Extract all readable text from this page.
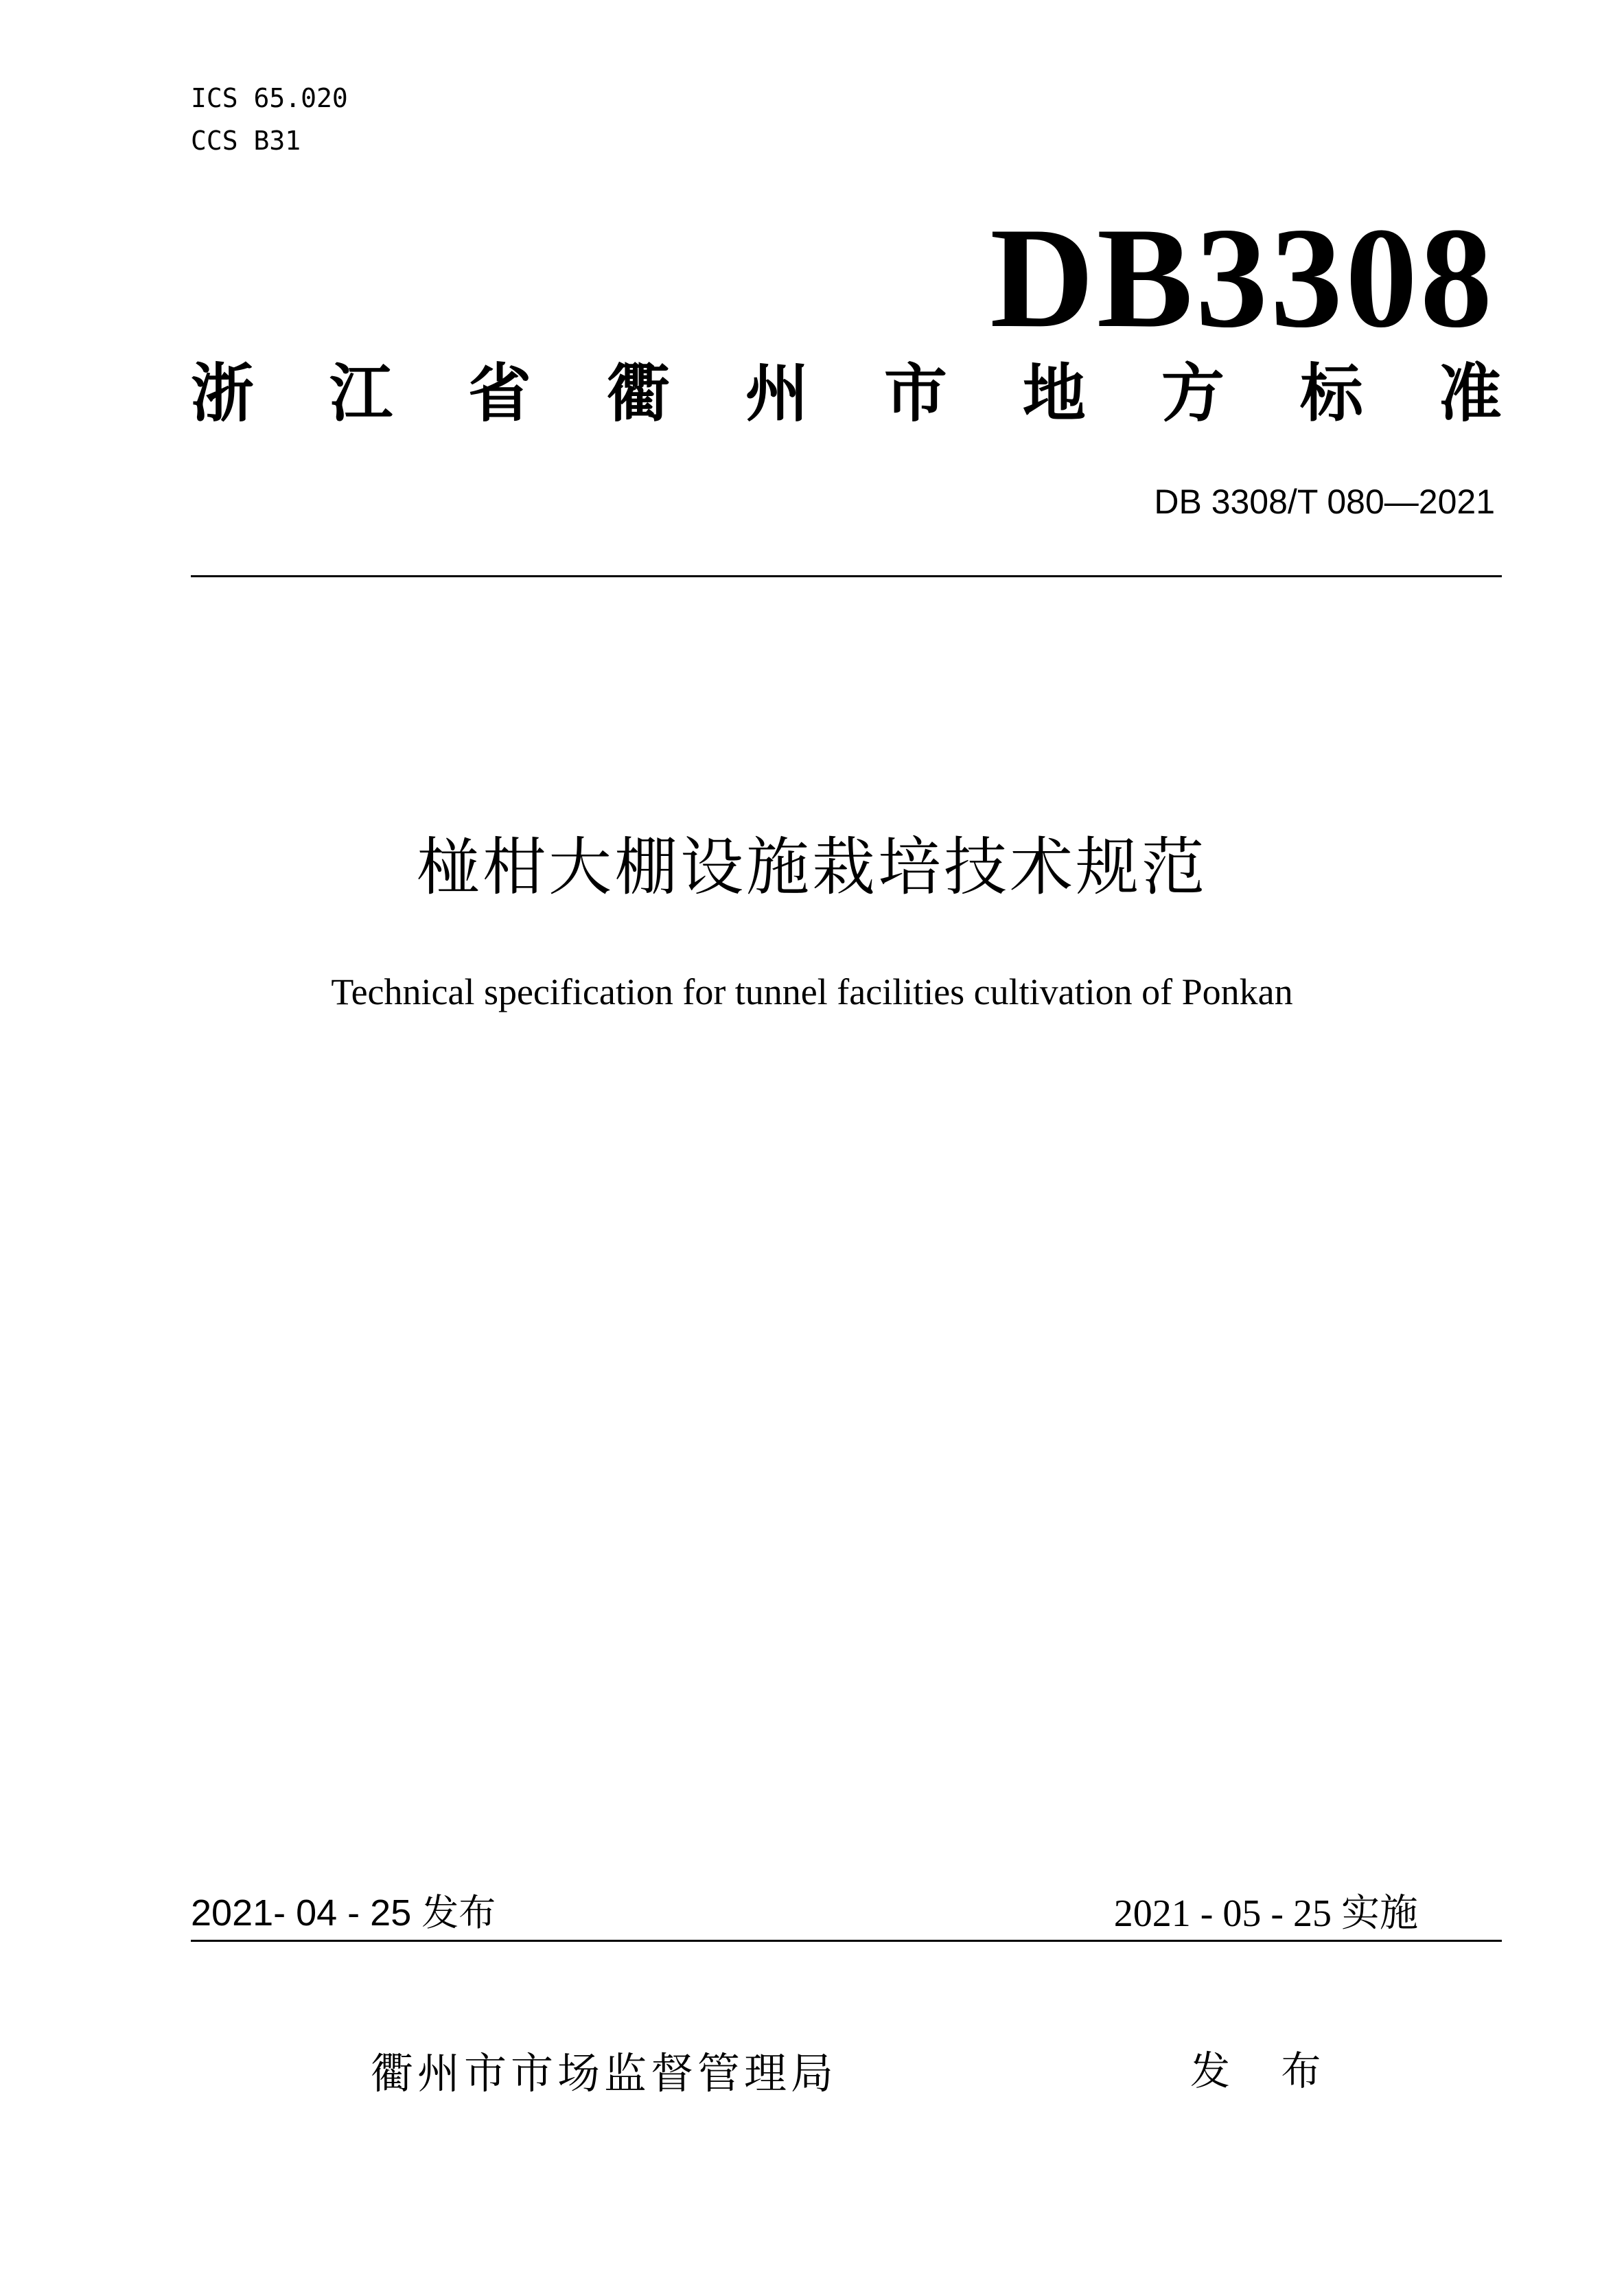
ICS 65.020
CCS B31
DB3308
浙 江 省 衢 州 市 地 方 标 准
DB 3308/T 080—2021
椪柑大棚设施栽培技术规范
Technical specification for tunnel facilities cultivation of Ponkan
2021- 04 - 25 发布	2021 - 05 - 25 实施
衢州市市场监督管理局	发 布
